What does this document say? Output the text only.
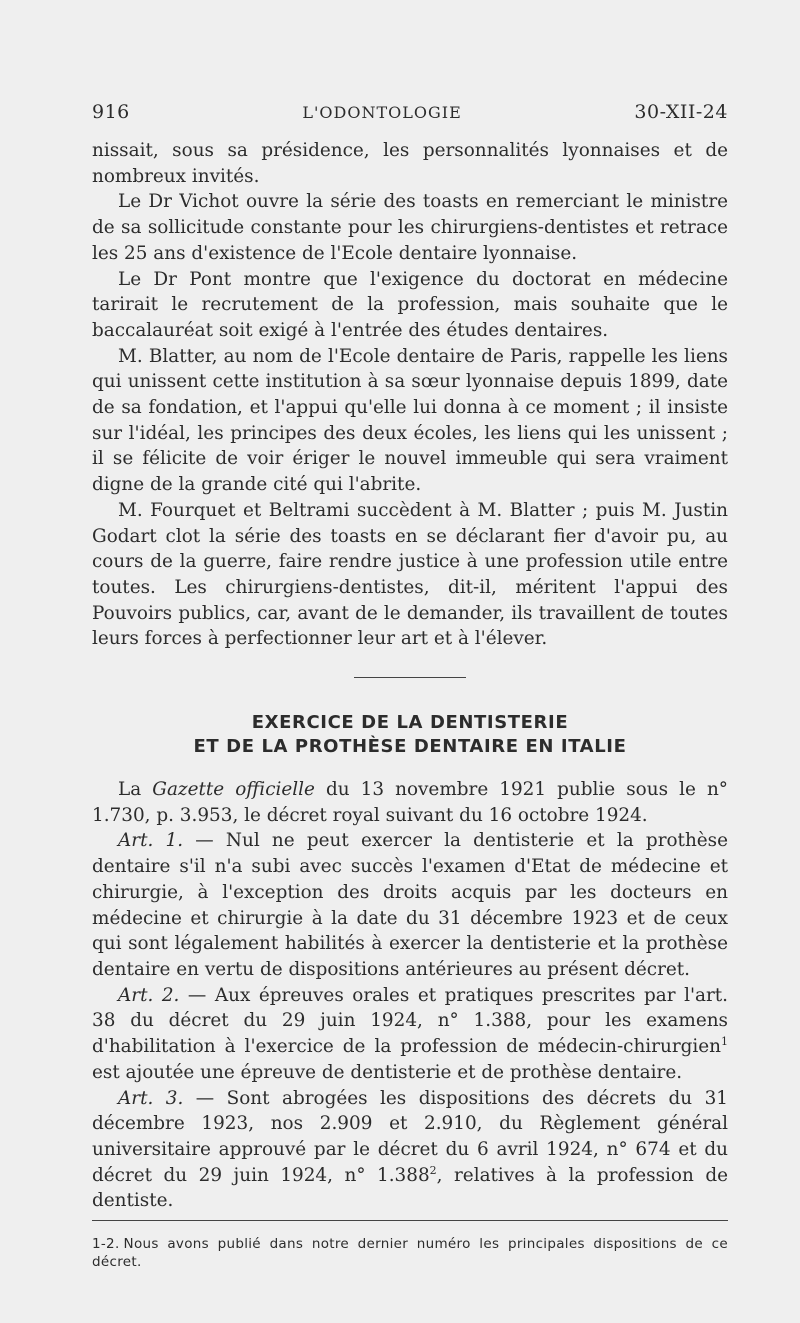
916	L'ODONTOLOGIE	30-XII-24

nissait, sous sa présidence, les personnalités lyonnaises et de nombreux invités.

Le Dr Vichot ouvre la série des toasts en remerciant le ministre de sa sollicitude constante pour les chirurgiens-dentistes et retrace les 25 ans d'existence de l'Ecole dentaire lyonnaise.

Le Dr Pont montre que l'exigence du doctorat en médecine tarirait le recrutement de la profession, mais souhaite que le baccalauréat soit exigé à l'entrée des études dentaires.

M. Blatter, au nom de l'Ecole dentaire de Paris, rappelle les liens qui unissent cette institution à sa sœur lyonnaise depuis 1899, date de sa fondation, et l'appui qu'elle lui donna à ce moment ; il insiste sur l'idéal, les principes des deux écoles, les liens qui les unissent ; il se félicite de voir ériger le nouvel immeuble qui sera vraiment digne de la grande cité qui l'abrite.

M. Fourquet et Beltrami succèdent à M. Blatter ; puis M. Justin Godart clot la série des toasts en se déclarant fier d'avoir pu, au cours de la guerre, faire rendre justice à une profession utile entre toutes. Les chirurgiens-dentistes, dit-il, méritent l'appui des Pouvoirs publics, car, avant de le demander, ils travaillent de toutes leurs forces à perfectionner leur art et à l'élever.

EXERCICE DE LA DENTISTERIE
ET DE LA PROTHÈSE DENTAIRE EN ITALIE

La Gazette officielle du 13 novembre 1921 publie sous le n° 1.730, p. 3.953, le décret royal suivant du 16 octobre 1924.

Art. 1. — Nul ne peut exercer la dentisterie et la prothèse dentaire s'il n'a subi avec succès l'examen d'Etat de médecine et chirurgie, à l'exception des droits acquis par les docteurs en médecine et chirurgie à la date du 31 décembre 1923 et de ceux qui sont légalement habilités à exercer la dentisterie et la prothèse dentaire en vertu de dispositions antérieures au présent décret.

Art. 2. — Aux épreuves orales et pratiques prescrites par l'art. 38 du décret du 29 juin 1924, n° 1.388, pour les examens d'habilitation à l'exercice de la profession de médecin-chirurgien$^1$ est ajoutée une épreuve de dentisterie et de prothèse dentaire.

Art. 3. — Sont abrogées les dispositions des décrets du 31 décembre 1923, nos 2.909 et 2.910, du Règlement général universitaire approuvé par le décret du 6 avril 1924, n° 674 et du décret du 29 juin 1924, n° 1.388$^2$, relatives à la profession de dentiste.

1-2. Nous avons publié dans notre dernier numéro les principales dispositions de ce décret.
